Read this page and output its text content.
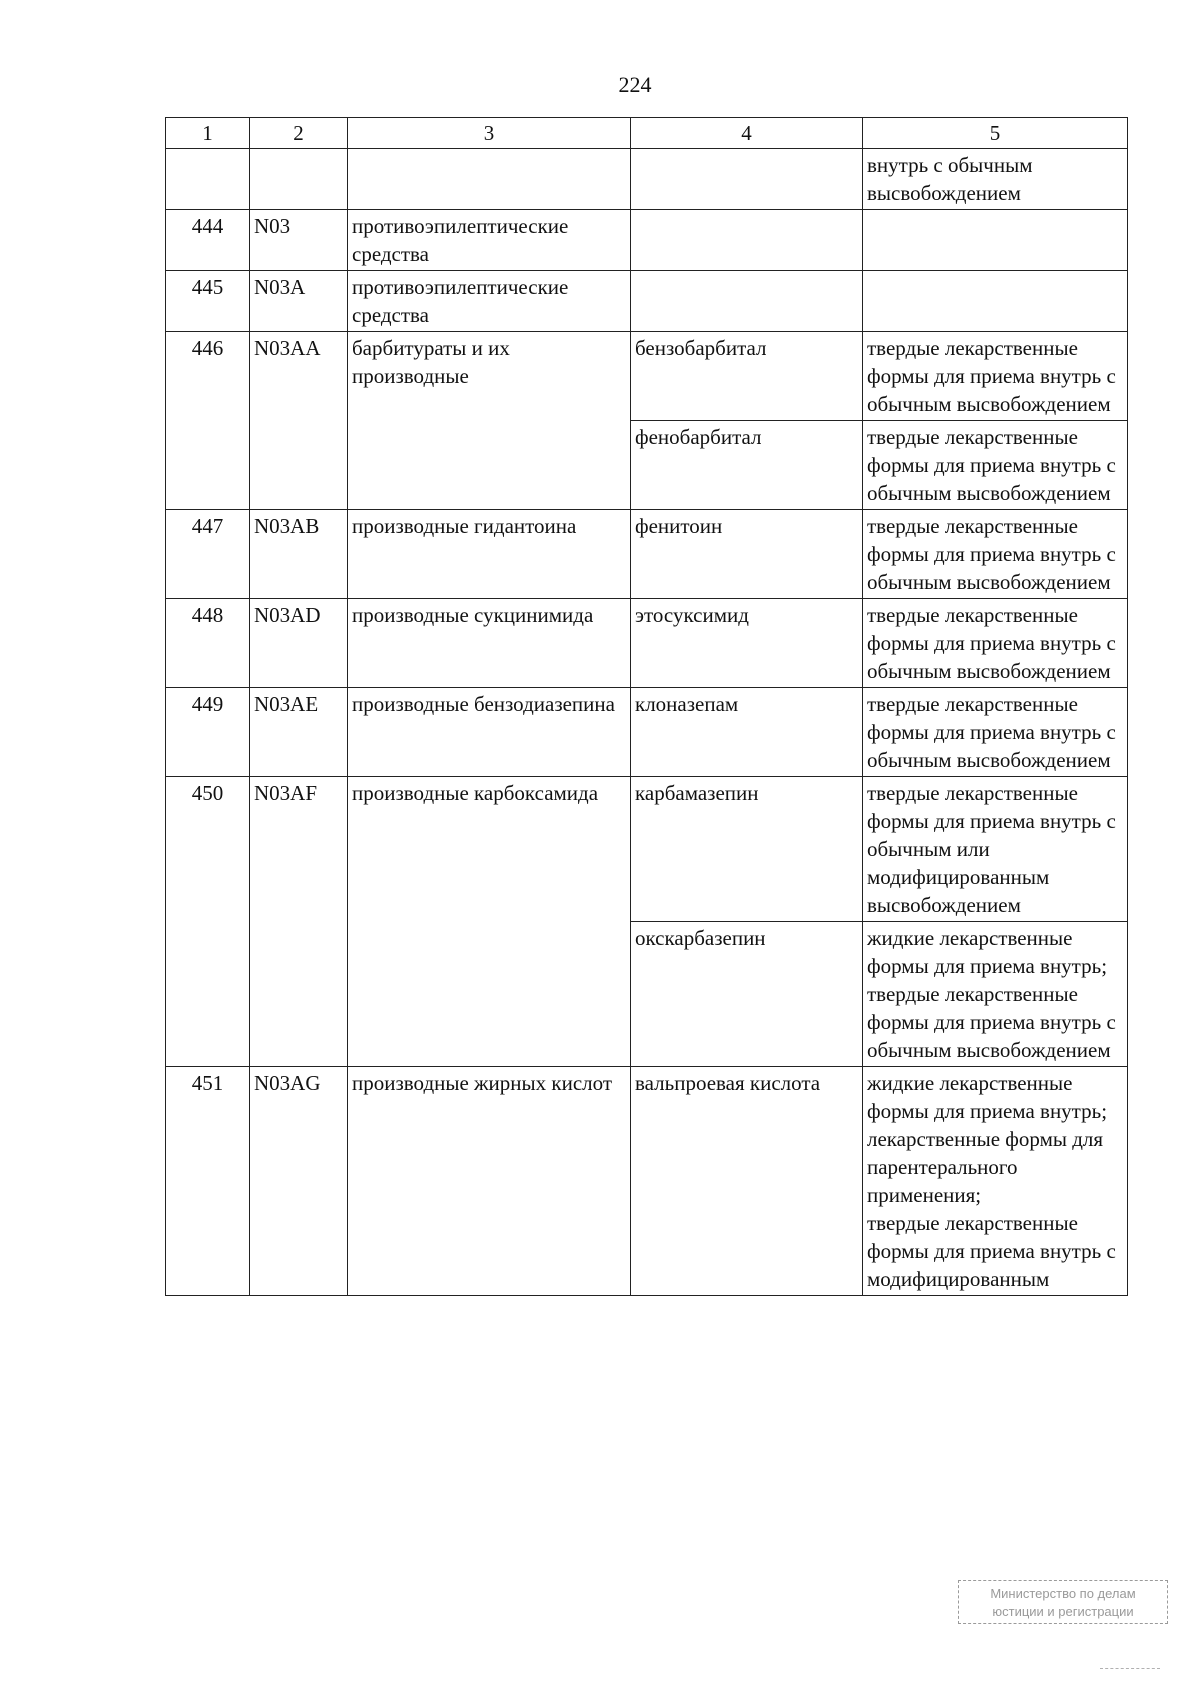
224
1	2	3	4	5
				внутрь с обычным высвобождением
444	N03	противоэпилептические средства		
445	N03A	противоэпилептические средства		
446	N03AA	барбитураты и их производные	бензобарбитал	твердые лекарственные формы для приема внутрь с обычным высвобождением

			фенобарбитал	твердые лекарственные формы для приема внутрь с обычным высвобождением

447	N03AB	производные гидантоина	фенитоин	твердые лекарственные формы для приема внутрь с обычным высвобождением

448	N03AD	производные сукцинимида	этосуксимид	твердые лекарственные формы для приема внутрь с обычным высвобождением

449	N03AE	производные бензодиазепина	клоназепам	твердые лекарственные формы для приема внутрь с обычным высвобождением

450	N03AF	производные карбоксамида	карбамазепин	твердые лекарственные формы для приема внутрь с обычным или модифицированным высвобождением

			окскарбазепин	жидкие лекарственные формы для приема внутрь;
твердые лекарственные формы для приема внутрь с обычным высвобождением

451	N03AG	производные жирных кислот	вальпроевая кислота	жидкие лекарственные формы для приема внутрь;
лекарственные формы для парентерального применения;
твердые лекарственные формы для приема внутрь с модифицированным
Министерство по делам
юстиции и регистрации
